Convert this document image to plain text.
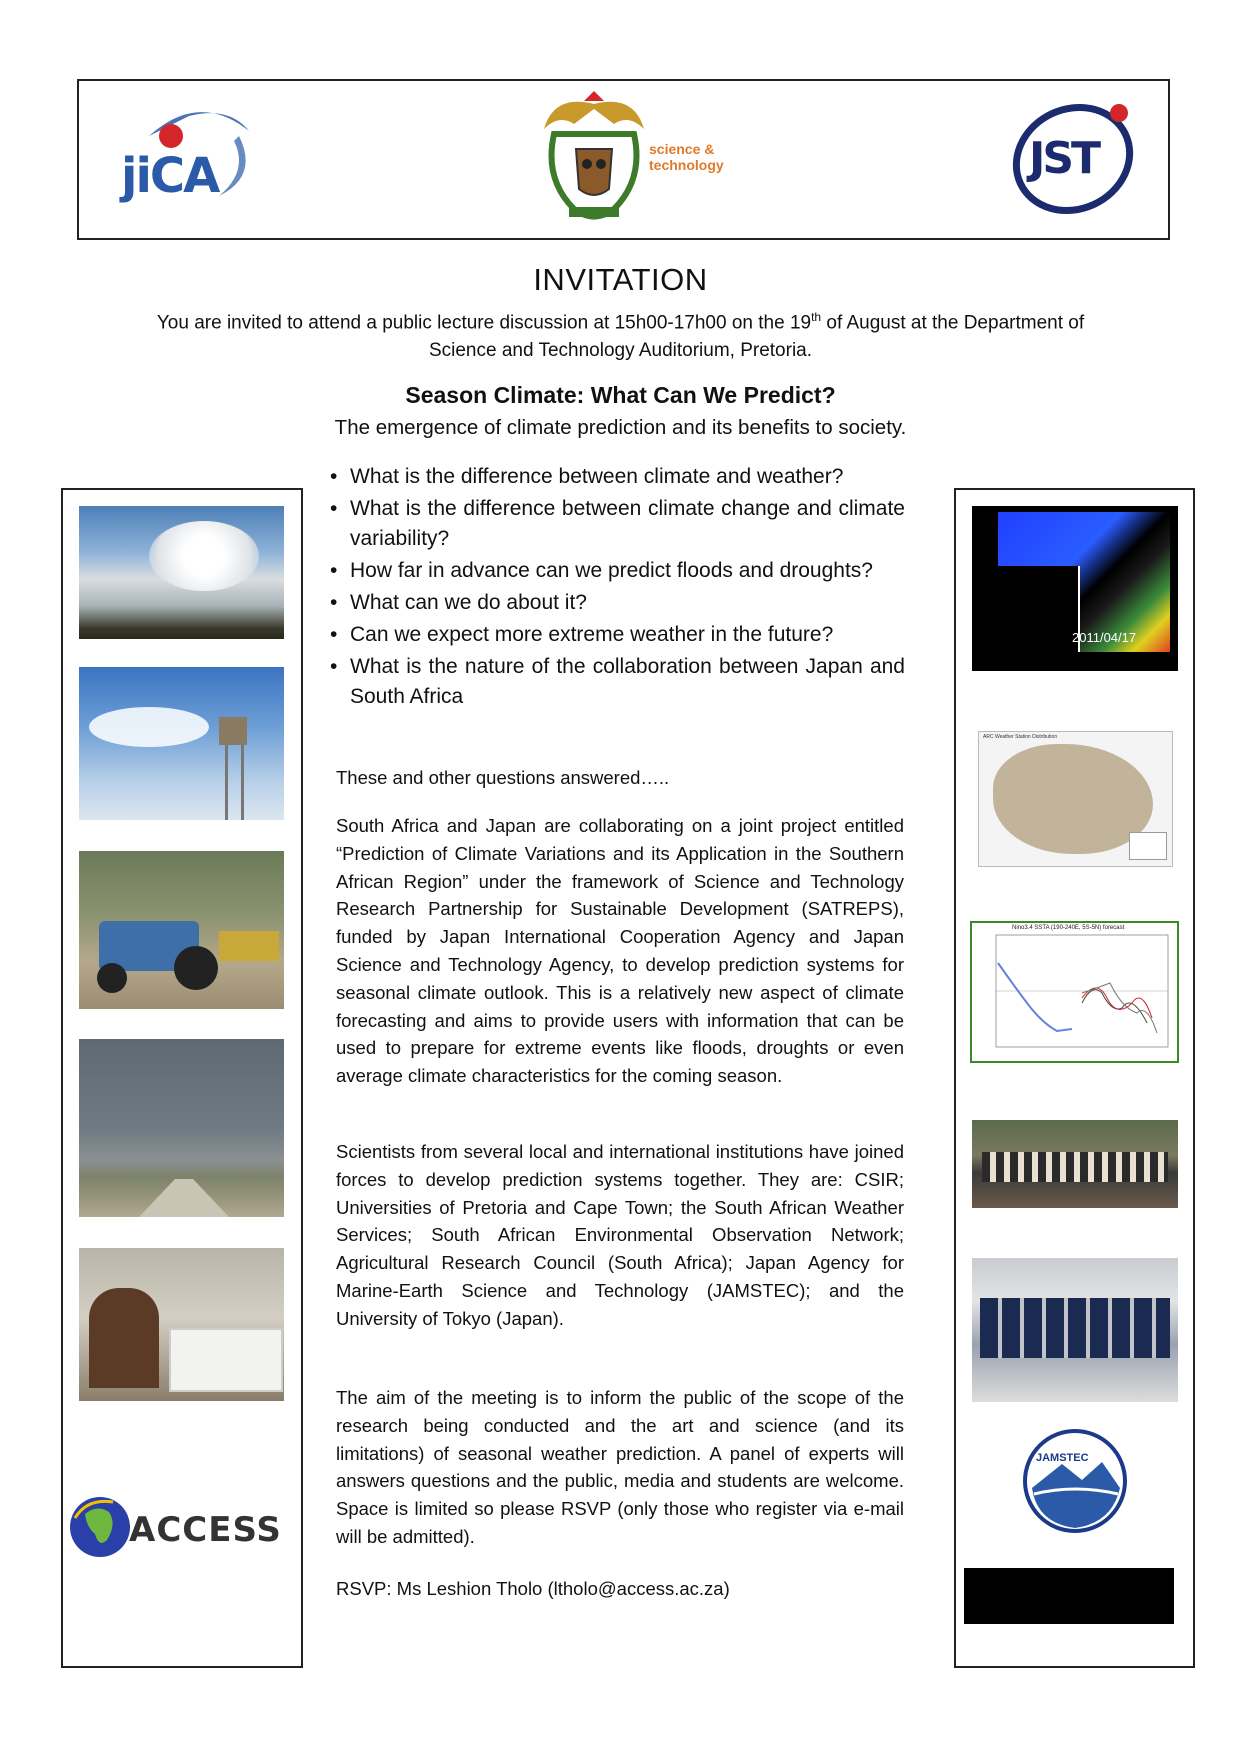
jiCA	science & technology	JST
INVITATION
You are invited to attend a public lecture discussion at 15h00-17h00 on the 19th of August at the Department of
Science and Technology Auditorium, Pretoria.
Season Climate: What Can We Predict?
The emergence of climate prediction and its benefits to society.
• What is the difference between climate and weather?
• What is the difference between climate change and climate variability?
• How far in advance can we predict floods and droughts?
• What can we do about it?
• Can we expect more extreme weather in the future?
• What is the nature of the collaboration between Japan and South Africa

These and other questions answered…..

South Africa and Japan are collaborating on a joint project entitled “Prediction of Climate Variations and its Application in the Southern African Region” under the framework of Science and Technology Research Partnership for Sustainable Development (SATREPS), funded by Japan International Cooperation Agency and Japan Science and Technology Agency, to develop prediction systems for seasonal climate outlook. This is a relatively new aspect of climate forecasting and aims to provide users with information that can be used to prepare for extreme events like floods, droughts or even average climate characteristics for the coming season.

Scientists from several local and international institutions have joined forces to develop prediction systems together. They are: CSIR; Universities of Pretoria and Cape Town; the South African Weather Services; South African Environmental Observation Network; Agricultural Research Council (South Africa); Japan Agency for Marine-Earth Science and Technology (JAMSTEC); and the University of Tokyo (Japan).

The aim of the meeting is to inform the public of the scope of the research being conducted and the art and science (and its limitations) of seasonal weather prediction. A panel of experts will answers questions and the public, media and students are welcome. Space is limited so please RSVP (only those who register via e-mail will be admitted).

RSVP: Ms Leshion Tholo (ltholo@access.ac.za)

ACCESS
2011/04/17
ARC Weather Station Distribution
Nino3.4 SSTA (190-240E, 5S-5N) forecast
JAMSTEC
